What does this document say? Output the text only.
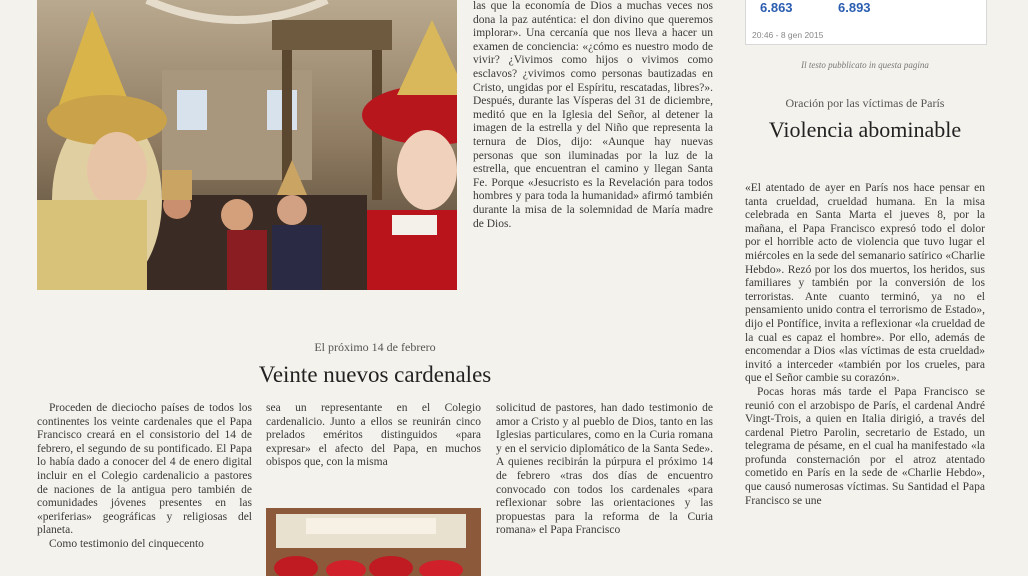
las que la economía de Dios a muchas veces nos dona la paz auténtica: el don divino que queremos implorar». Una cercanía que nos lleva a hacer un examen de conciencia: «¿cómo es nuestro modo de vivir? ¿Vivimos como hijos o vivimos como esclavos? ¿vivimos como personas bautizadas en Cristo, ungidas por el Espíritu, rescatadas, libres?». Después, durante las Vísperas del 31 de diciembre, meditó que en la Iglesia del Señor, al detener la imagen de la estrella y del Niño que representa la ternura de Dios, dijo: «Aunque hay nuevas personas que son iluminadas por la luz de la estrella, que encuentran el camino y llegan Santa Fe. Porque «Jesucristo es la Revelación para todos hombres y para toda la humanidad» afirmó también durante la misa de la solemnidad de María madre de Dios.

6.863	6.893
20:46 - 8 gen 2015
Il testo pubblicato in questa pagina
Oración por las víctimas de París
Violencia abominable

«El atentado de ayer en París nos hace pensar en tanta crueldad, crueldad humana. En la misa celebrada en Santa Marta el jueves 8, por la mañana, el Papa Francisco expresó todo el dolor por el horrible acto de violencia que tuvo lugar el miércoles en la sede del semanario satírico «Charlie Hebdo». Rezó por los dos muertos, los heridos, sus familiares y también por la conversión de los terroristas. Ante cuanto terminó, ya no el pensamiento unido contra el terrorismo de Estado», dijo el Pontífice, invita a reflexionar «la crueldad de la cual es capaz el hombre». Por ello, además de encomendar a Dios «las víctimas de esta crueldad» invitó a interceder «también por los crueles, para que el Señor cambie su corazón».

Pocas horas más tarde el Papa Francisco se reunió con el arzobispo de París, el cardenal André Vingt-Trois, a quien en Italia dirigió, a través del cardenal Pietro Parolin, secretario de Estado, un telegrama de pésame, en el cual ha manifestado «la profunda consternación por el atroz atentado cometido en París en la sede de «Charlie Hebdo», que causó numerosas víctimas. Su Santidad el Papa Francisco se une

El próximo 14 de febrero
Veinte nuevos cardenales

Proceden de dieciocho países de todos los continentes los veinte cardenales que el Papa Francisco creará en el consistorio del 14 de febrero, el segundo de su pontificado. El Papa lo había dado a conocer del 4 de enero digital incluir en el Colegio cardenalicio a pastores de naciones de la antigua pero también de comunidades jóvenes presentes en las «periferias» geográficas y religiosas del planeta.

Como testimonio del cinquecento

sea un representante en el Colegio cardenalicio. Junto a ellos se reunirán cinco prelados eméritos distinguidos «para expresar» el afecto del Papa, en muchos obispos que, con la misma

solicitud de pastores, han dado testimonio de amor a Cristo y al pueblo de Dios, tanto en las Iglesias particulares, como en la Curia romana y en el servicio diplomático de la Santa Sede». A quienes recibirán la púrpura el próximo 14 de febrero «tras dos días de encuentro convocado con todos los cardenales «para reflexionar sobre las orientaciones y las propuestas para la reforma de la Curia romana» el Papa Francisco
